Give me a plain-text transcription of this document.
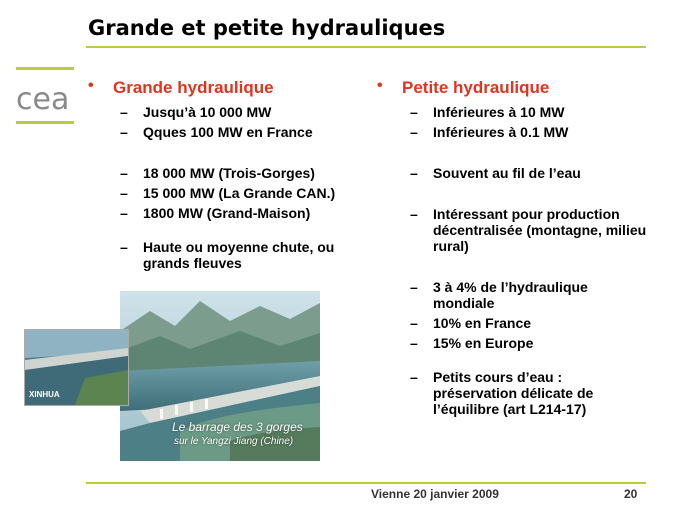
Grande et petite hydrauliques
cea • Grande hydraulique
– Jusqu’à 10 000 MW
– Qques 100 MW en France
– 18 000 MW (Trois-Gorges)
– 15 000 MW (La Grande CAN.)
– 1800 MW (Grand-Maison)
– Haute ou moyenne chute, ou grands fleuves
• Petite hydraulique
– Inférieures à 10 MW
– Inférieures à 0.1 MW
– Souvent au fil de l’eau
– Intéressant pour production décentralisée (montagne, milieu rural)
– 3 à 4% de l’hydraulique mondiale
– 10% en France
– 15% en Europe
– Petits cours d’eau : préservation délicate de l’équilibre (art L214-17)
XINHUA
Le barrage des 3 gorges
sur le Yangzi Jiang (Chine)
Vienne 20 janvier 2009	20
